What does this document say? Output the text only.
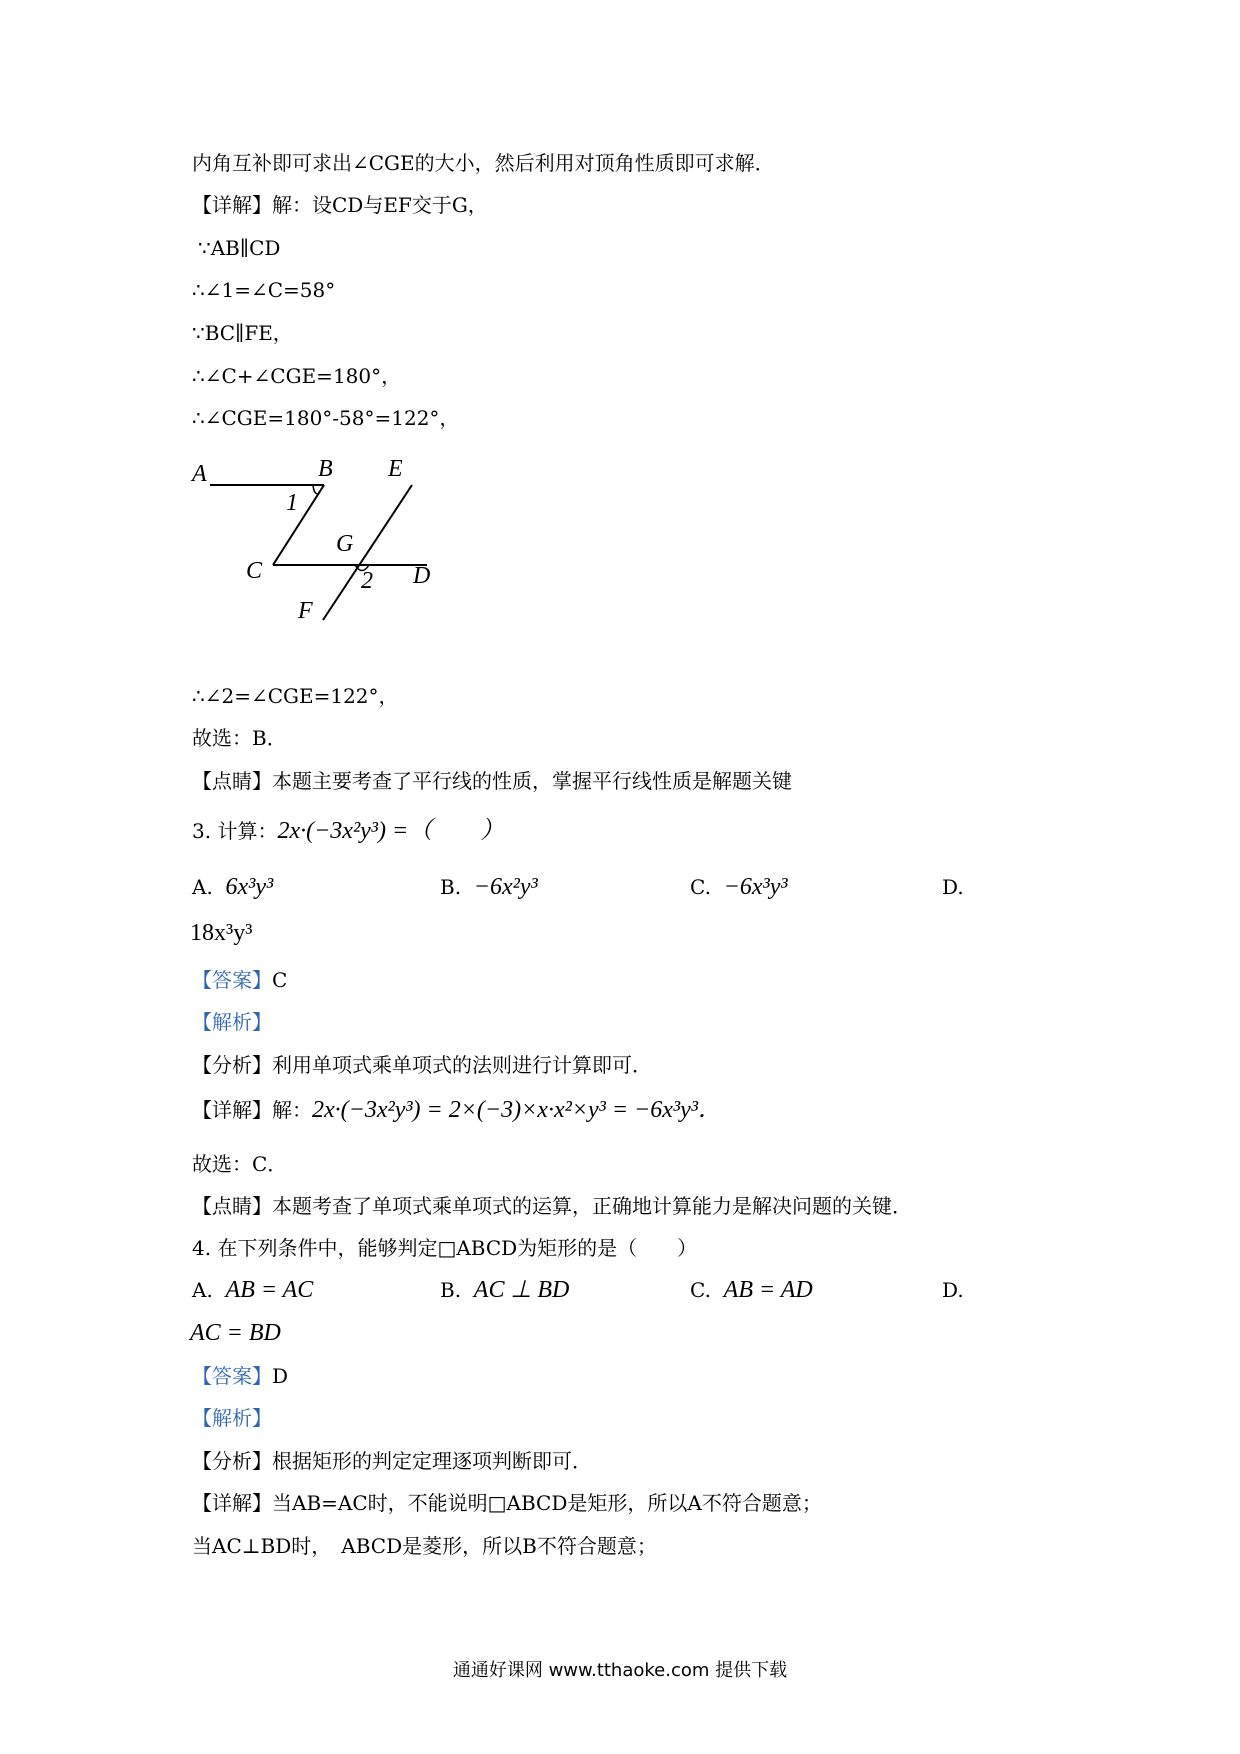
内角互补即可求出∠CGE的大小，然后利用对顶角性质即可求解．
【详解】解：设CD与EF交于G，
∵AB∥CD
∴∠1=∠C=58°
∵BC∥FE，
∴∠C+∠CGE=180°，
∴∠CGE=180°-58°=122°，
A	B E
1
G
C	2 D
F
∴∠2=∠CGE=122°，
故选：B．
【点睛】本题主要考查了平行线的性质，掌握平行线性质是解题关键
3. 计算：2x·(−3x²y³) =（　　）
A. 6x³y³	B. −6x²y³	C. −6x³y³	D.
18x³y³
【答案】C
【解析】
【分析】利用单项式乘单项式的法则进行计算即可．
【详解】解：2x·(−3x²y³) = 2×(−3)×x·x²×y³ = −6x³y³．
故选：C．
【点睛】本题考查了单项式乘单项式的运算，正确地计算能力是解决问题的关键．
4. 在下列条件中，能够判定□ABCD为矩形的是（　　）
A. AB = AC	B. AC ⊥ BD	C. AB = AD	D.
AC = BD
【答案】D
【解析】
【分析】根据矩形的判定定理逐项判断即可．
【详解】当AB=AC时，不能说明□ABCD是矩形，所以A不符合题意；
当AC⊥BD时，　ABCD是菱形，所以B不符合题意；
通通好课网 www.tthaoke.com 提供下载
